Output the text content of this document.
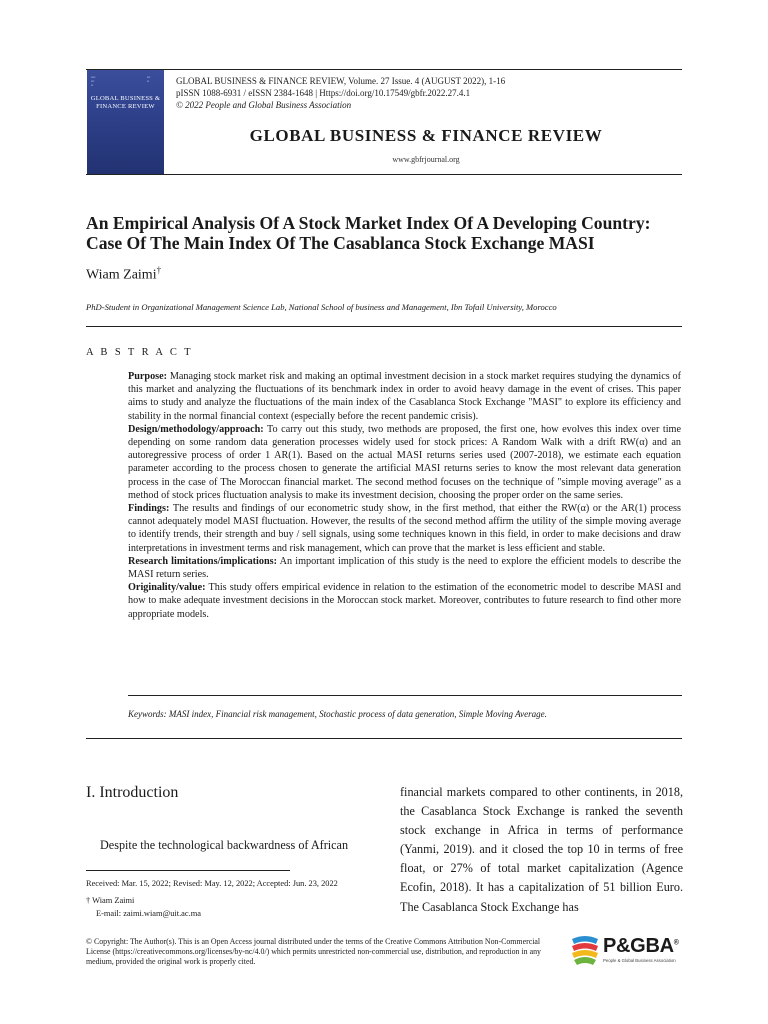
▪▪▪▪
▪▪▪
▪▪
▪▪▪
▪▪
GLOBAL BUSINESS & FINANCE REVIEW
GLOBAL BUSINESS & FINANCE REVIEW, Volume. 27 Issue. 4 (AUGUST 2022), 1-16
pISSN 1088-6931 / eISSN 2384-1648 | Https://doi.org/10.17549/gbfr.2022.27.4.1
© 2022 People and Global Business Association
GLOBAL BUSINESS & FINANCE REVIEW
www.gbfrjournal.org
An Empirical Analysis Of A Stock Market Index Of A Developing Country:
Case Of The Main Index Of The Casablanca Stock Exchange MASI
Wiam Zaimi†
PhD-Student in Organizational Management Science Lab, National School of business and Management, Ibn Tofail University, Morocco
A B S T R A C T

Purpose: Managing stock market risk and making an optimal investment decision in a stock market requires studying the dynamics of this market and analyzing the fluctuations of its benchmark index in order to avoid heavy damage in the event of crises. This paper aims to study and analyze the fluctuations of the main index of the Casablanca Stock Exchange "MASI" to explore its efficiency and stability in the normal financial context (especially before the recent pandemic crisis).

Design/methodology/approach: To carry out this study, two methods are proposed, the first one, how evolves this index over time depending on some random data generation processes widely used for stock prices: A Random Walk with a drift RW(α) and an autoregressive process of order 1 AR(1). Based on the actual MASI returns series used (2007-2018), we estimate each equation parameter according to the process chosen to generate the artificial MASI returns series to know the most relevant data generation process in the case of The Moroccan financial market. The second method focuses on the technique of "simple moving average" as a method of stock prices fluctuation analysis to make its investment decision, choosing the proper order on the same series.

Findings: The results and findings of our econometric study show, in the first method, that either the RW(α) or the AR(1) process cannot adequately model MASI fluctuation. However, the results of the second method affirm the utility of the simple moving average to identify trends, their strength and buy / sell signals, using some techniques known in this field, in order to make decisions and draw interpretations in investment terms and risk management, which can prove that the market is less efficient and stable.

Research limitations/implications: An important implication of this study is the need to explore the efficient models to describe the MASI return series.

Originality/value: This study offers empirical evidence in relation to the estimation of the econometric model to describe MASI and how to make adequate investment decisions in the Moroccan stock market. Moreover, contributes to future research to find other more appropriate models.

Keywords: MASI index, Financial risk management, Stochastic process of data generation, Simple Moving Average.
I. Introduction
Despite the technological backwardness of African

financial markets compared to other continents, in 2018, the Casablanca Stock Exchange is ranked the seventh stock exchange in Africa in terms of performance (Yanmi, 2019). and it closed the top 10 in terms of free float, or 27% of total market capitalization (Agence Ecofin, 2018). It has a capitalization of 51 billion Euro. The Casablanca Stock Exchange has

Received: Mar. 15, 2022; Revised: May. 12, 2022; Accepted: Jun. 23, 2022
† Wiam Zaimi
E-mail: zaimi.wiam@uit.ac.ma
© Copyright: The Author(s). This is an Open Access journal distributed under the terms of the Creative Commons Attribution Non-Commercial License (https://creativecommons.org/licenses/by-nc/4.0/) which permits unrestricted non-commercial use, distribution, and reproduction in any medium, provided the original work is properly cited.
P&GBA®
People & Global Business Association
